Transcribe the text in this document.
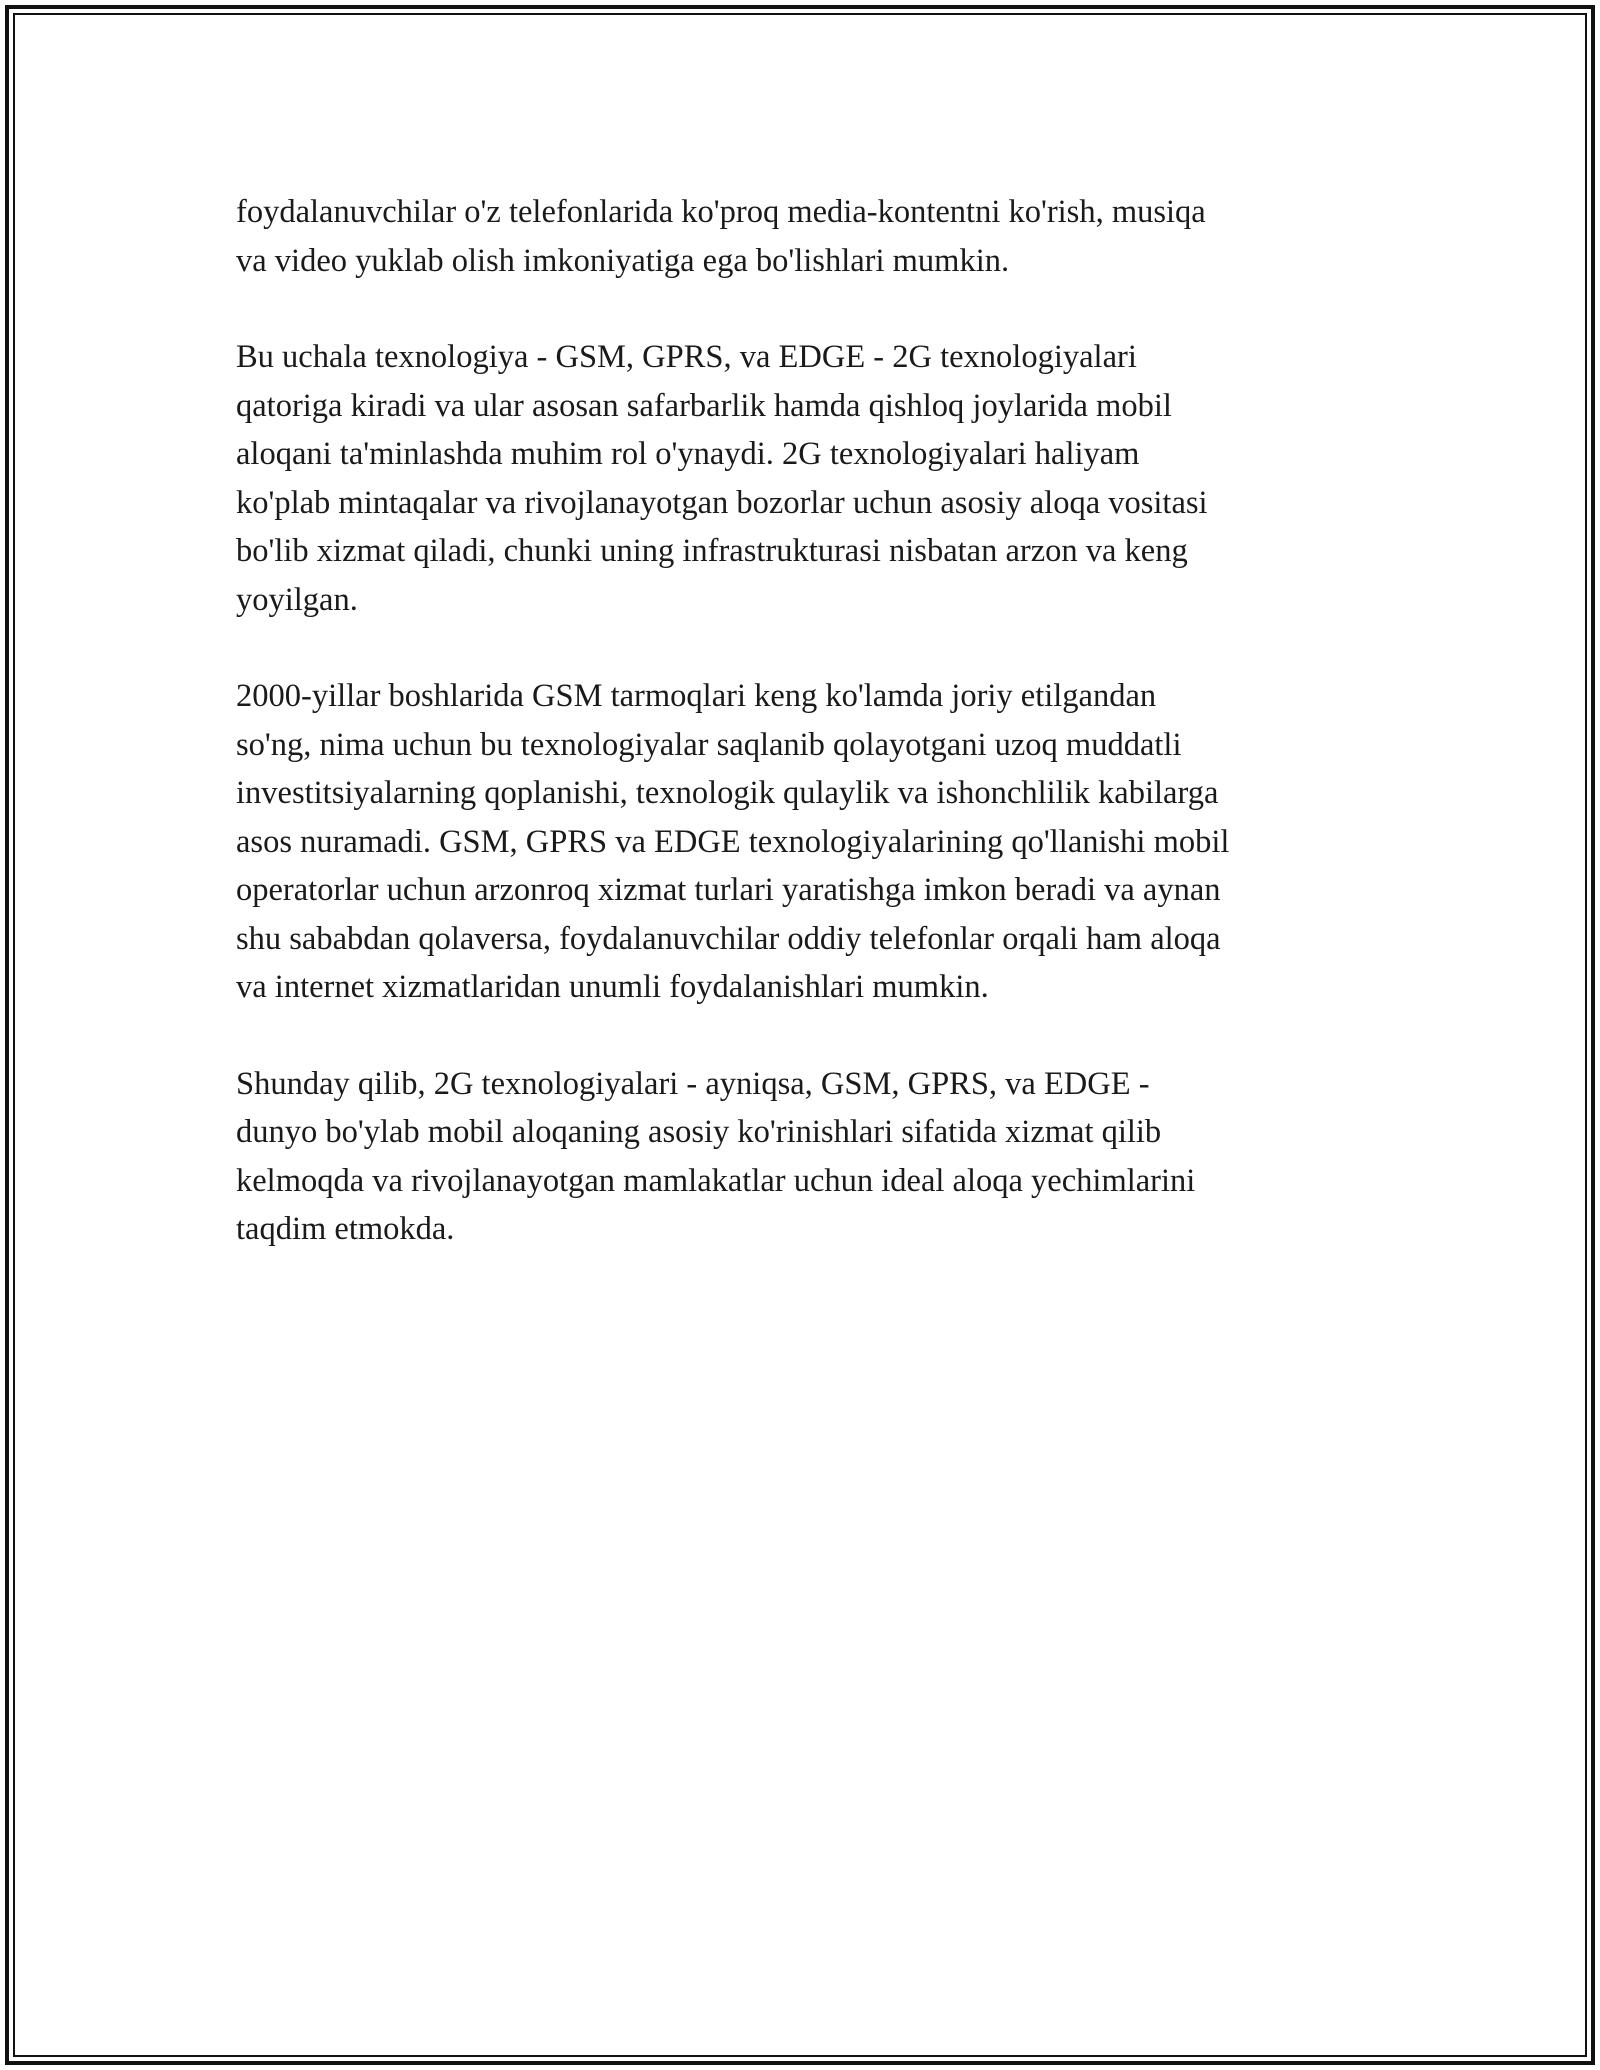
foydalanuvchilar o'z telefonlarida ko'proq media-kontentni ko'rish, musiqa
va video yuklab olish imkoniyatiga ega bo'lishlari mumkin.

Bu uchala texnologiya - GSM, GPRS, va EDGE - 2G texnologiyalari
qatoriga kiradi va ular asosan safarbarlik hamda qishloq joylarida mobil
aloqani ta'minlashda muhim rol o'ynaydi. 2G texnologiyalari haliyam
ko'plab mintaqalar va rivojlanayotgan bozorlar uchun asosiy aloqa vositasi
bo'lib xizmat qiladi, chunki uning infrastrukturasi nisbatan arzon va keng
yoyilgan.

2000-yillar boshlarida GSM tarmoqlari keng ko'lamda joriy etilgandan
so'ng, nima uchun bu texnologiyalar saqlanib qolayotgani uzoq muddatli
investitsiyalarning qoplanishi, texnologik qulaylik va ishonchlilik kabilarga
asos nuramadi. GSM, GPRS va EDGE texnologiyalarining qo'llanishi mobil
operatorlar uchun arzonroq xizmat turlari yaratishga imkon beradi va aynan
shu sababdan qolaversa, foydalanuvchilar oddiy telefonlar orqali ham aloqa
va internet xizmatlaridan unumli foydalanishlari mumkin.

Shunday qilib, 2G texnologiyalari - ayniqsa, GSM, GPRS, va EDGE -
dunyo bo'ylab mobil aloqaning asosiy ko'rinishlari sifatida xizmat qilib
kelmoqda va rivojlanayotgan mamlakatlar uchun ideal aloqa yechimlarini
taqdim etmokda.
